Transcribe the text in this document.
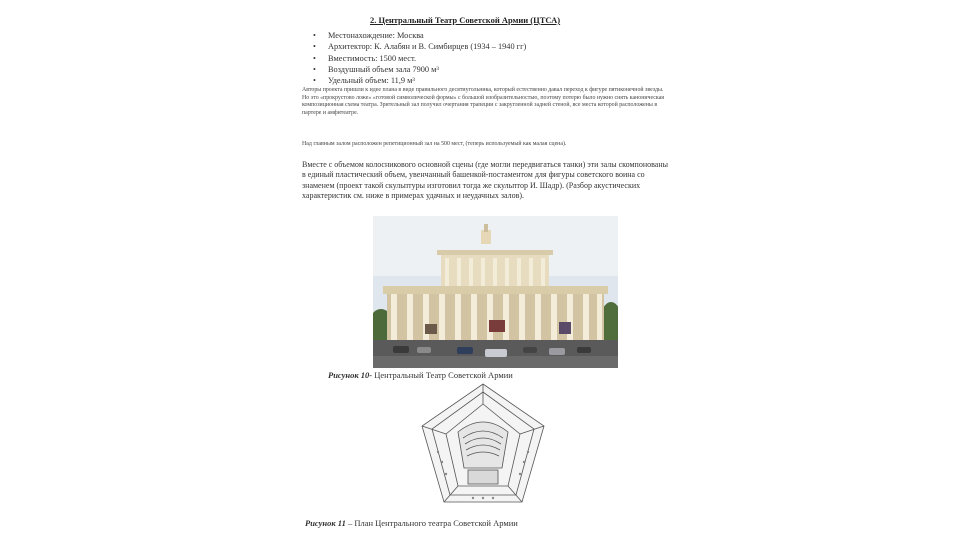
2. Центральный Театр Советской Армии (ЦТСА)
• Местонахождение: Москва
• Архитектор: К. Алабян и В. Симбирцев (1934 – 1940 гг)
• Вместимость: 1500 мест.
• Воздушный объем зала 7900 м³
• Удельный объем: 11,9 м³

Авторы проекта пришли к идее плана в виде правильного десятиугольника, который естественно давал переход к фигуре пятиконечной звезды. Но это «прокрустово ложе» «готовой символической формы» с большой изобразительностью, поэтому потерю было нужно снять каноническая композиционная схема театра. Зрительный зал получил очертания трапеции с закругленной задней стеной, все места которой расположены в партере и амфитеатре.

Над главным залом расположен репетиционный зал на 500 мест, (теперь используемый как малая сцена).

Вместе с объемом колосникового основной сцены (где могли передвигаться танки) эти залы скомпонованы в единый пластический объем, увенчанный башенкой-постаментом для фигуры советского воина со знаменем (проект такой скульптуры изготовил тогда же скульптор И. Шадр). (Разбор акустических характеристик см. ниже в примерах удачных и неудачных залов).

Рисунок 10- Центральный Театр Советской Армии
Рисунок 11 – План Центрального театра Советской Армии
